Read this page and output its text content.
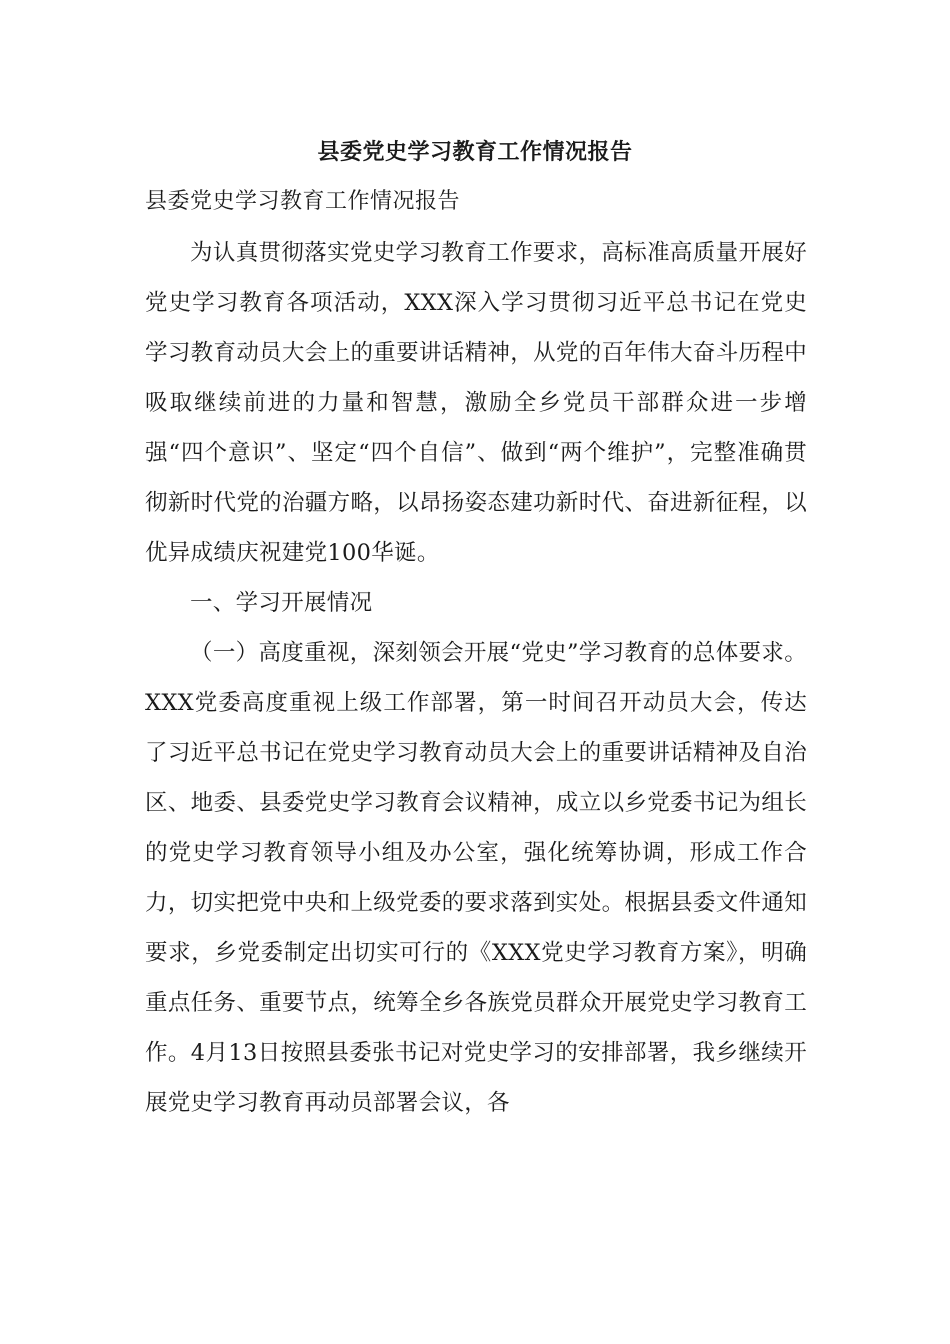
县委党史学习教育工作情况报告
县委党史学习教育工作情况报告

为认真贯彻落实党史学习教育工作要求，高标准高质量开展好党史学习教育各项活动，XXX深入学习贯彻习近平总书记在党史学习教育动员大会上的重要讲话精神，从党的百年伟大奋斗历程中吸取继续前进的力量和智慧，激励全乡党员干部群众进一步增强“四个意识”、坚定“四个自信”、做到“两个维护”，完整准确贯彻新时代党的治疆方略，以昂扬姿态建功新时代、奋进新征程，以优异成绩庆祝建党100华诞。

一、学习开展情况

（一）高度重视，深刻领会开展“党史”学习教育的总体要求。XXX党委高度重视上级工作部署，第一时间召开动员大会，传达了习近平总书记在党史学习教育动员大会上的重要讲话精神及自治区、地委、县委党史学习教育会议精神，成立以乡党委书记为组长的党史学习教育领导小组及办公室，强化统筹协调，形成工作合力，切实把党中央和上级党委的要求落到实处。根据县委文件通知要求，乡党委制定出切实可行的《XXX党史学习教育方案》，明确重点任务、重要节点，统筹全乡各族党员群众开展党史学习教育工作。4月13日按照县委张书记对党史学习的安排部署，我乡继续开展党史学习教育再动员部署会议，各
